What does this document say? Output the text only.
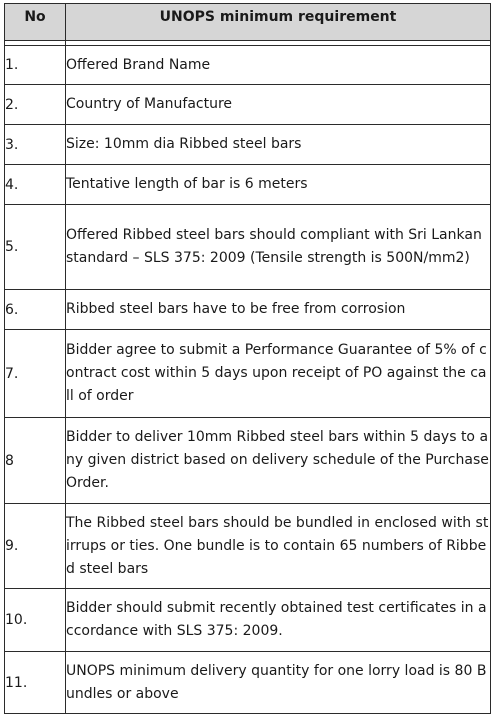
No	UNOPS minimum requirement

1.	Offered Brand Name
2.	Country of Manufacture
3.	Size: 10mm dia Ribbed steel bars
4.	Tentative length of bar is 6 meters
5.	Offered Ribbed steel bars should compliant with Sri Lankan standard – SLS 375: 2009 (Tensile strength is 500N/mm2)
6.	Ribbed steel bars have to be free from corrosion
7.	Bidder agree to submit a Performance Guarantee of 5% of contract cost within 5 days upon receipt of PO against the call of order
8	Bidder to deliver 10mm Ribbed steel bars within 5 days to any given district based on delivery schedule of the Purchase Order.
9.	The Ribbed steel bars should be bundled in enclosed with stirrups or ties. One bundle is to contain 65 numbers of Ribbed steel bars
10.	Bidder should submit recently obtained test certificates in accordance with SLS 375: 2009.
11.	UNOPS minimum delivery quantity for one lorry load is 80 Bundles or above
